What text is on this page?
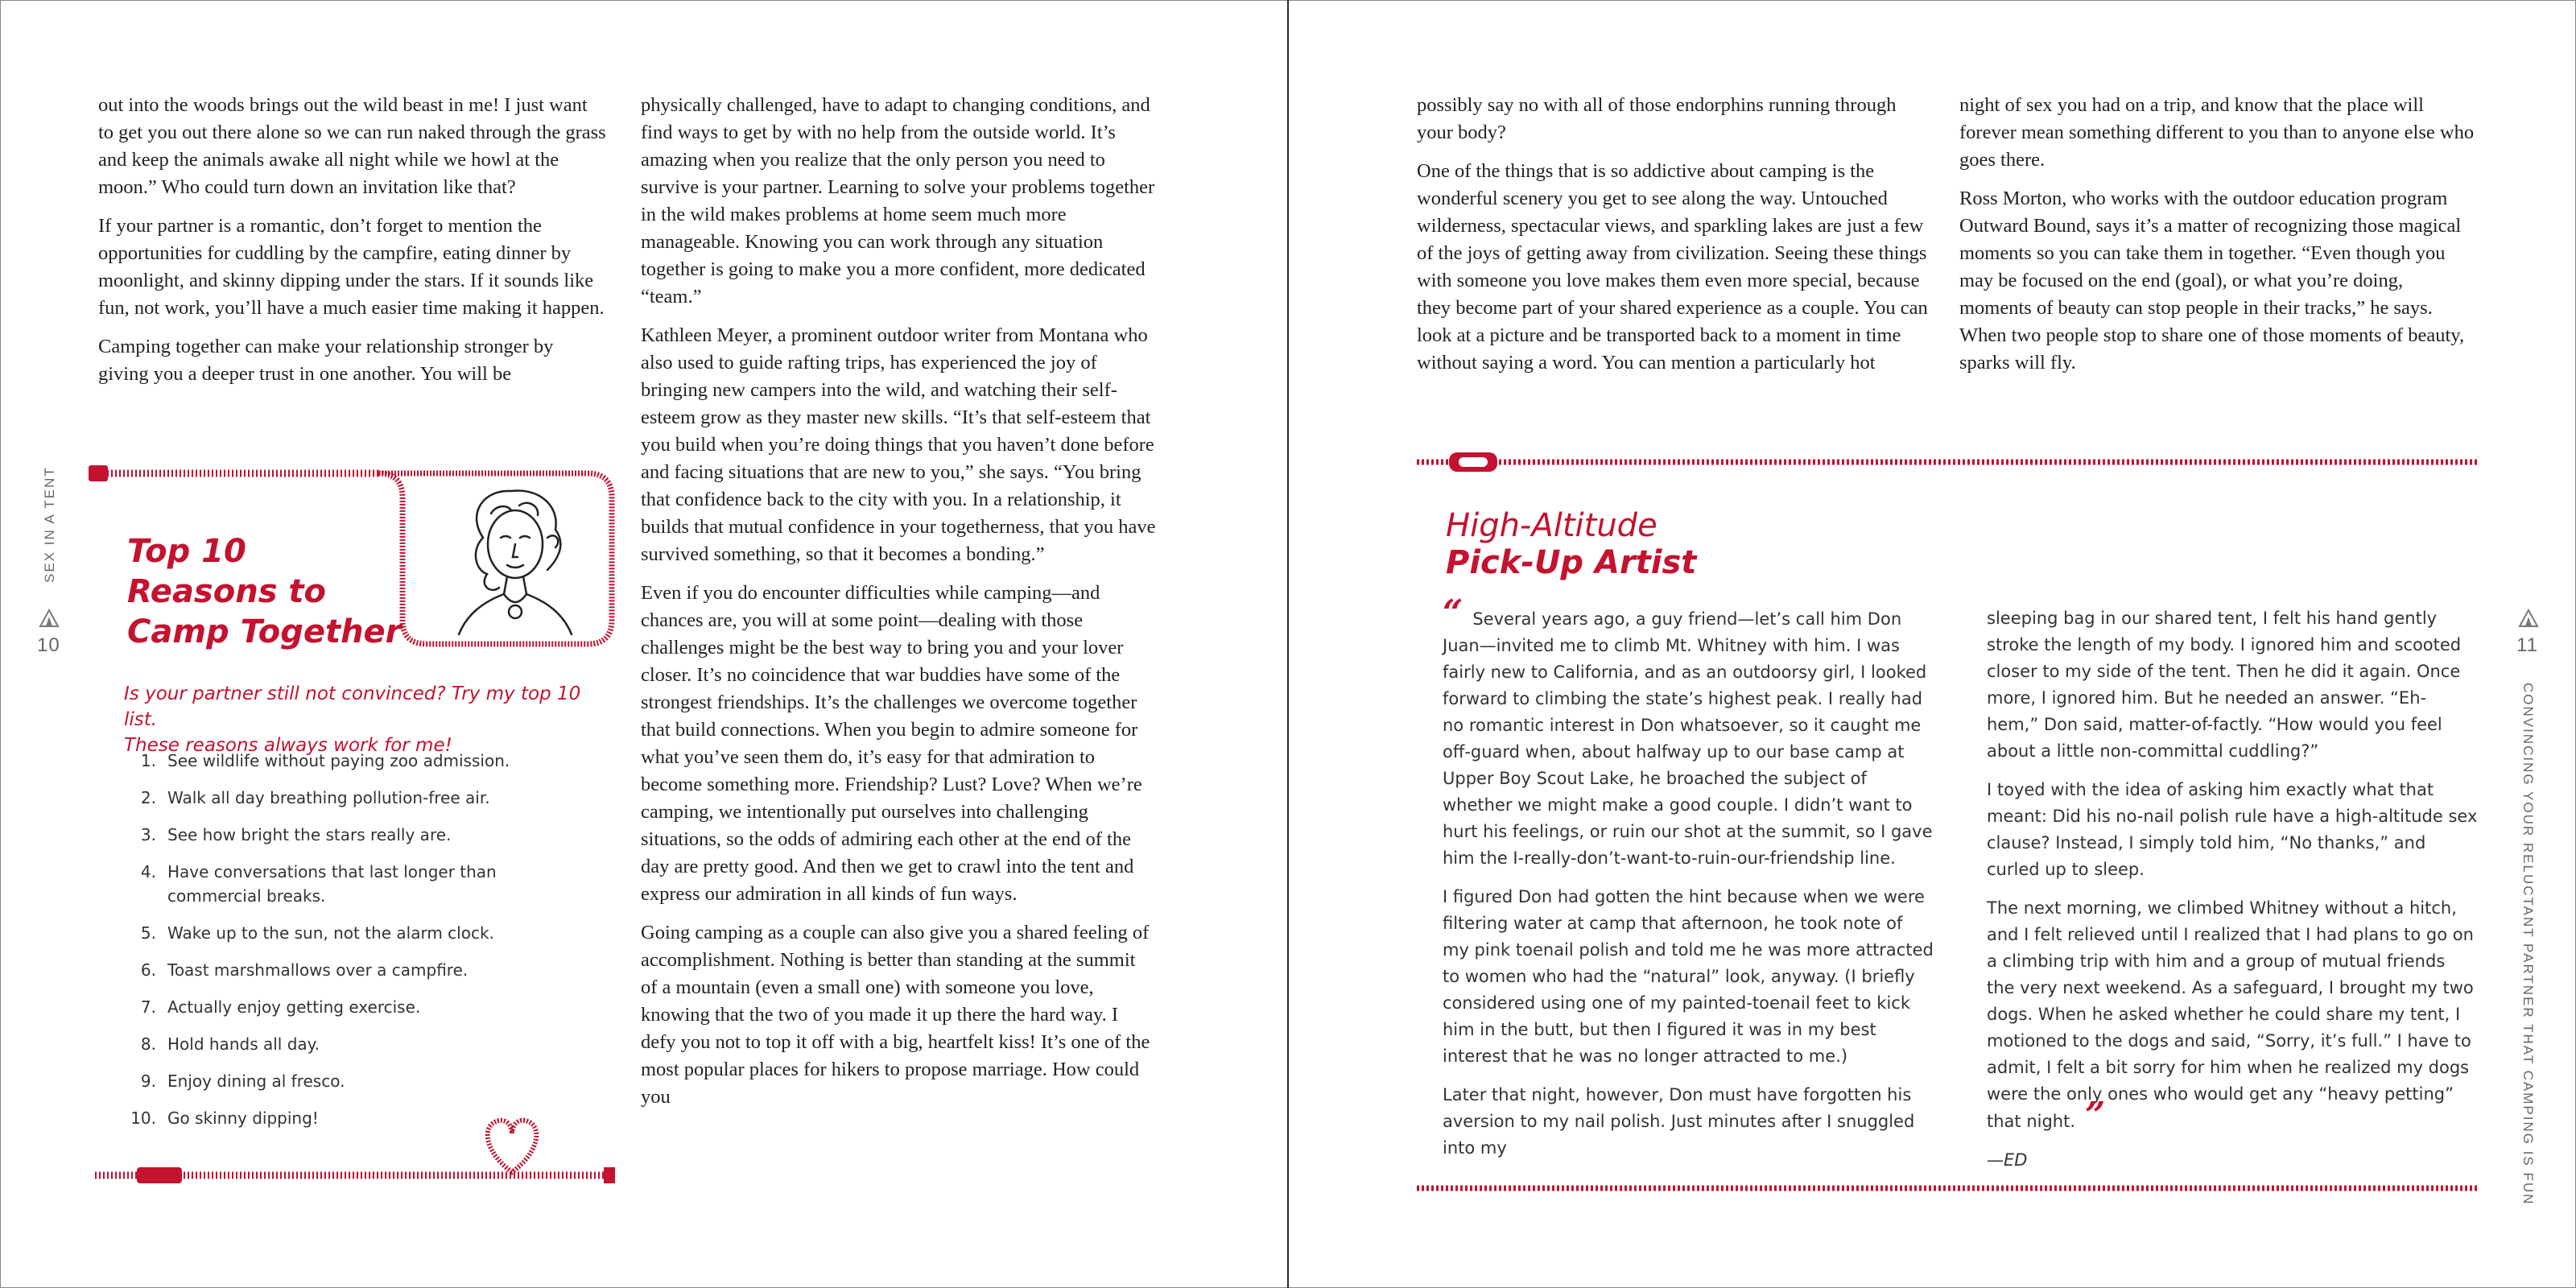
SEX IN A TENT
10

out into the woods brings out the wild beast in me! I just want to get you out there alone so we can run naked through the grass and keep the animals awake all night while we howl at the moon.” Who could turn down an invitation like that?

If your partner is a romantic, don’t forget to mention the opportunities for cuddling by the campfire, eating dinner by moonlight, and skinny dipping under the stars. If it sounds like fun, not work, you’ll have a much easier time making it happen.

Camping together can make your relationship stronger by giving you a deeper trust in one another. You will be

physically challenged, have to adapt to changing conditions, and find ways to get by with no help from the outside world. It’s amazing when you realize that the only person you need to survive is your partner. Learning to solve your problems together in the wild makes problems at home seem much more manageable. Knowing you can work through any situation together is going to make you a more confident, more dedicated “team.”

Kathleen Meyer, a prominent outdoor writer from Montana who also used to guide rafting trips, has experienced the joy of bringing new campers into the wild, and watching their self-esteem grow as they master new skills. “It’s that self-esteem that you build when you’re doing things that you haven’t done before and facing situations that are new to you,” she says. “You bring that confidence back to the city with you. In a relationship, it builds that mutual confidence in your togetherness, that you have survived something, so that it becomes a bonding.”

Even if you do encounter difficulties while camping—and chances are, you will at some point—dealing with those challenges might be the best way to bring you and your lover closer. It’s no coincidence that war buddies have some of the strongest friendships. It’s the challenges we overcome together that build connections. When you begin to admire someone for what you’ve seen them do, it’s easy for that admiration to become something more. Friendship? Lust? Love? When we’re camping, we intentionally put ourselves into challenging situations, so the odds of admiring each other at the end of the day are pretty good. And then we get to crawl into the tent and express our admiration in all kinds of fun ways.

Going camping as a couple can also give you a shared feeling of accomplishment. Nothing is better than standing at the summit of a mountain (even a small one) with someone you love, knowing that the two of you made it up there the hard way. I defy you not to top it off with a big, heartfelt kiss! It’s one of the most popular places for hikers to propose marriage. How could you

Top 10
Reasons to
Camp Together
Is your partner still not convinced? Try my top 10 list.
These reasons always work for me!
1. See wildlife without paying zoo admission.
2. Walk all day breathing pollution-free air.
3. See how bright the stars really are.
4. Have conversations that last longer than commercial breaks.
5. Wake up to the sun, not the alarm clock.
6. Toast marshmallows over a campfire.
7. Actually enjoy getting exercise.
8. Hold hands all day.
9. Enjoy dining al fresco.
10. Go skinny dipping!

possibly say no with all of those endorphins running through your body?

One of the things that is so addictive about camping is the wonderful scenery you get to see along the way. Untouched wilderness, spectacular views, and sparkling lakes are just a few of the joys of getting away from civilization. Seeing these things with someone you love makes them even more special, because they become part of your shared experience as a couple. You can look at a picture and be transported back to a moment in time without saying a word. You can mention a particularly hot

night of sex you had on a trip, and know that the place will forever mean something different to you than to anyone else who goes there.

Ross Morton, who works with the outdoor education program Outward Bound, says it’s a matter of recognizing those magical moments so you can take them in together. “Even though you may be focused on the end (goal), or what you’re doing, moments of beauty can stop people in their tracks,” he says. When two people stop to share one of those moments of beauty, sparks will fly.

High-Altitude
Pick-Up Artist

“ Several years ago, a guy friend—let’s call him Don Juan—invited me to climb Mt. Whitney with him. I was fairly new to California, and as an outdoorsy girl, I looked forward to climbing the state’s highest peak. I really had no romantic interest in Don whatsoever, so it caught me off-guard when, about halfway up to our base camp at Upper Boy Scout Lake, he broached the subject of whether we might make a good couple. I didn’t want to hurt his feelings, or ruin our shot at the summit, so I gave him the I-really-don’t-want-to-ruin-our-friendship line.

I figured Don had gotten the hint because when we were filtering water at camp that afternoon, he took note of my pink toenail polish and told me he was more attracted to women who had the “natural” look, anyway. (I briefly considered using one of my painted-toenail feet to kick him in the butt, but then I figured it was in my best interest that he was no longer attracted to me.)

Later that night, however, Don must have forgotten his aversion to my nail polish. Just minutes after I snuggled into my

sleeping bag in our shared tent, I felt his hand gently stroke the length of my body. I ignored him and scooted closer to my side of the tent. Then he did it again. Once more, I ignored him. But he needed an answer. “Eh-hem,” Don said, matter-of-factly. “How would you feel about a little non-committal cuddling?”

I toyed with the idea of asking him exactly what that meant: Did his no-nail polish rule have a high-altitude sex clause? Instead, I simply told him, “No thanks,” and curled up to sleep.

The next morning, we climbed Whitney without a hitch, and I felt relieved until I realized that I had plans to go on a climbing trip with him and a group of mutual friends the very next weekend. As a safeguard, I brought my two dogs. When he asked whether he could share my tent, I motioned to the dogs and said, “Sorry, it’s full.” I have to admit, I felt a bit sorry for him when he realized my dogs were the only ones who would get any “heavy petting” that night. ”

—ED

11
CONVINCING YOUR RELUCTANT PARTNER THAT CAMPING IS FUN
